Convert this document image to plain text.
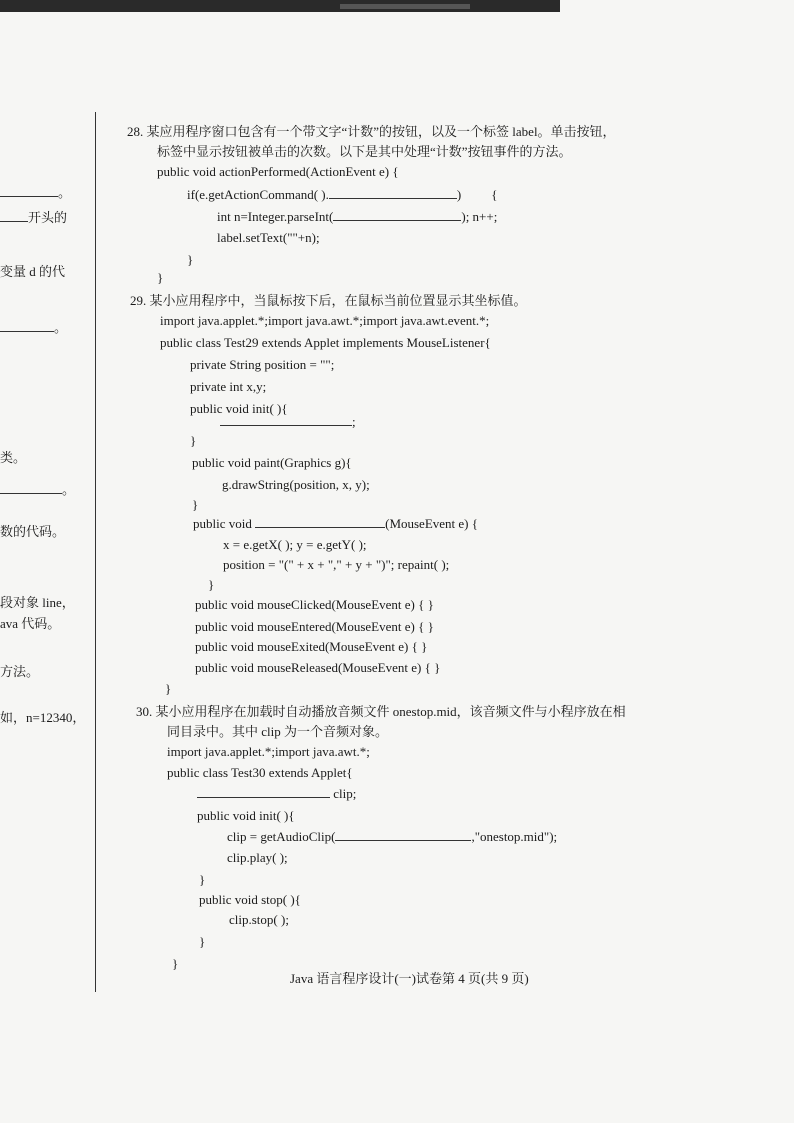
。
开头的
变量 d 的代
。
类。
。
数的代码。
段对象 line，
ava 代码。
方法。
如，n=12340，
28. 某应用程序窗口包含有一个带文字“计数”的按钮，以及一个标签 label。单击按钮，
标签中显示按钮被单击的次数。以下是其中处理“计数”按钮事件的方法。
public void actionPerformed(ActionEvent e) {
if(e.getActionCommand( ).	) {
int n=Integer.parseInt(	); n++;
label.setText(""+n);
}
}
29. 某小应用程序中，当鼠标按下后，在鼠标当前位置显示其坐标值。
import java.applet.*;import java.awt.*;import java.awt.event.*;
public class Test29 extends Applet implements MouseListener{
private String position = "";
private int x,y;
public void init( ){
;
}
public void paint(Graphics g){
g.drawString(position, x, y);
}
public void	(MouseEvent e) {
x = e.getX( ); y = e.getY( );
position = "(" + x + "," + y + ")"; repaint( );
}
public void mouseClicked(MouseEvent e) { }
public void mouseEntered(MouseEvent e) { }
public void mouseExited(MouseEvent e) { }
public void mouseReleased(MouseEvent e) { }
}
30. 某小应用程序在加载时自动播放音频文件 onestop.mid，该音频文件与小程序放在相
同目录中。其中 clip 为一个音频对象。
import java.applet.*;import java.awt.*;
public class Test30 extends Applet{
clip;
public void init( ){
clip = getAudioClip(	,"onestop.mid");
clip.play( );
}
public void stop( ){
clip.stop( );
}
}
Java 语言程序设计(一)试卷第 4 页(共 9 页)
